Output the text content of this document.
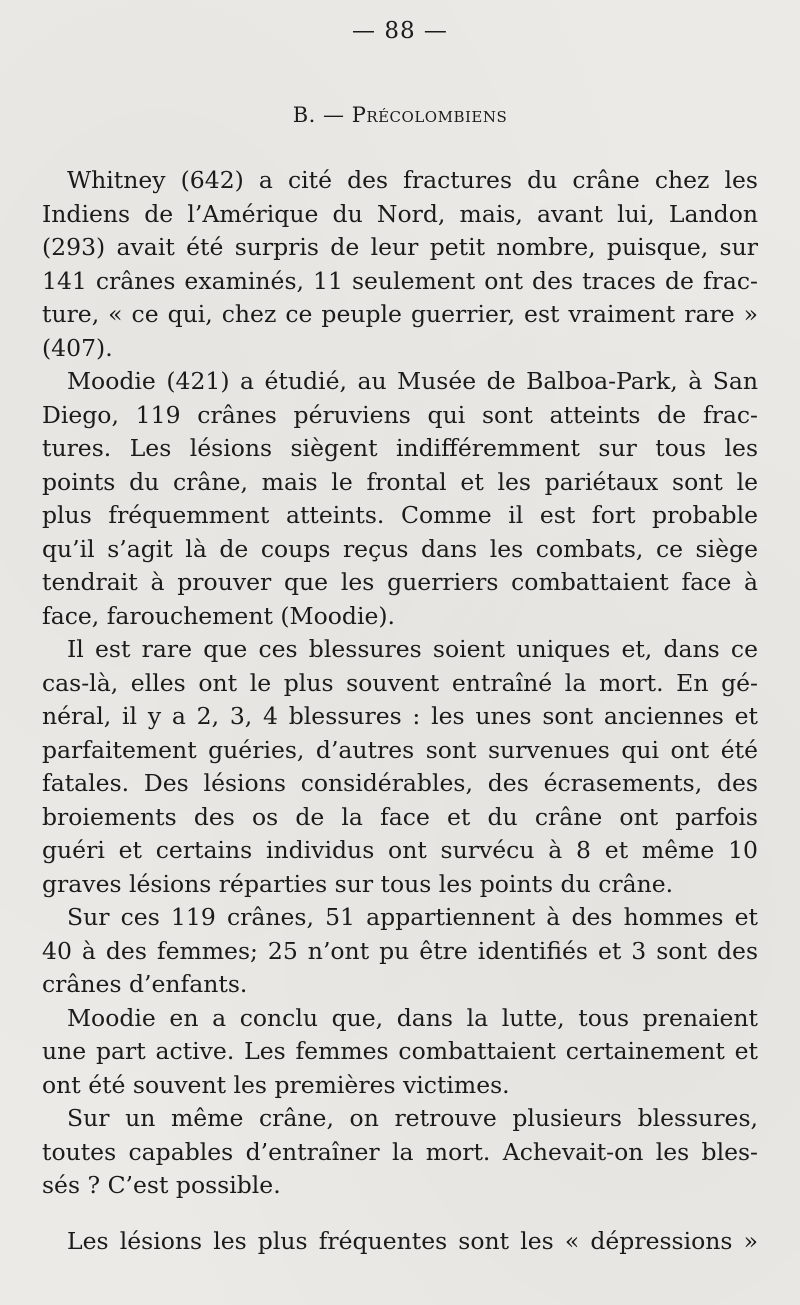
— 88 —
B. — Précolombiens
Whitney (642) a cité des fractures du crâne chez les
Indiens de l’Amérique du Nord, mais, avant lui, Landon
(293) avait été surpris de leur petit nombre, puisque, sur
141 crânes examinés, 11 seulement ont des traces de frac-
ture, « ce qui, chez ce peuple guerrier, est vraiment rare »
(407).
Moodie (421) a étudié, au Musée de Balboa-Park, à San
Diego, 119 crânes péruviens qui sont atteints de frac-
tures. Les lésions siègent indifféremment sur tous les
points du crâne, mais le frontal et les pariétaux sont le
plus fréquemment atteints. Comme il est fort probable
qu’il s’agit là de coups reçus dans les combats, ce siège
tendrait à prouver que les guerriers combattaient face à
face, farouchement (Moodie).
Il est rare que ces blessures soient uniques et, dans ce
cas-là, elles ont le plus souvent entraîné la mort. En gé-
néral, il y a 2, 3, 4 blessures : les unes sont anciennes et
parfaitement guéries, d’autres sont survenues qui ont été
fatales. Des lésions considérables, des écrasements, des
broiements des os de la face et du crâne ont parfois
guéri et certains individus ont survécu à 8 et même 10
graves lésions réparties sur tous les points du crâne.
Sur ces 119 crânes, 51 appartiennent à des hommes et
40 à des femmes; 25 n’ont pu être identifiés et 3 sont des
crânes d’enfants.
Moodie en a conclu que, dans la lutte, tous prenaient
une part active. Les femmes combattaient certainement et
ont été souvent les premières victimes.
Sur un même crâne, on retrouve plusieurs blessures,
toutes capables d’entraîner la mort. Achevait-on les bles-
sés ? C’est possible.
Les lésions les plus fréquentes sont les « dépressions »
